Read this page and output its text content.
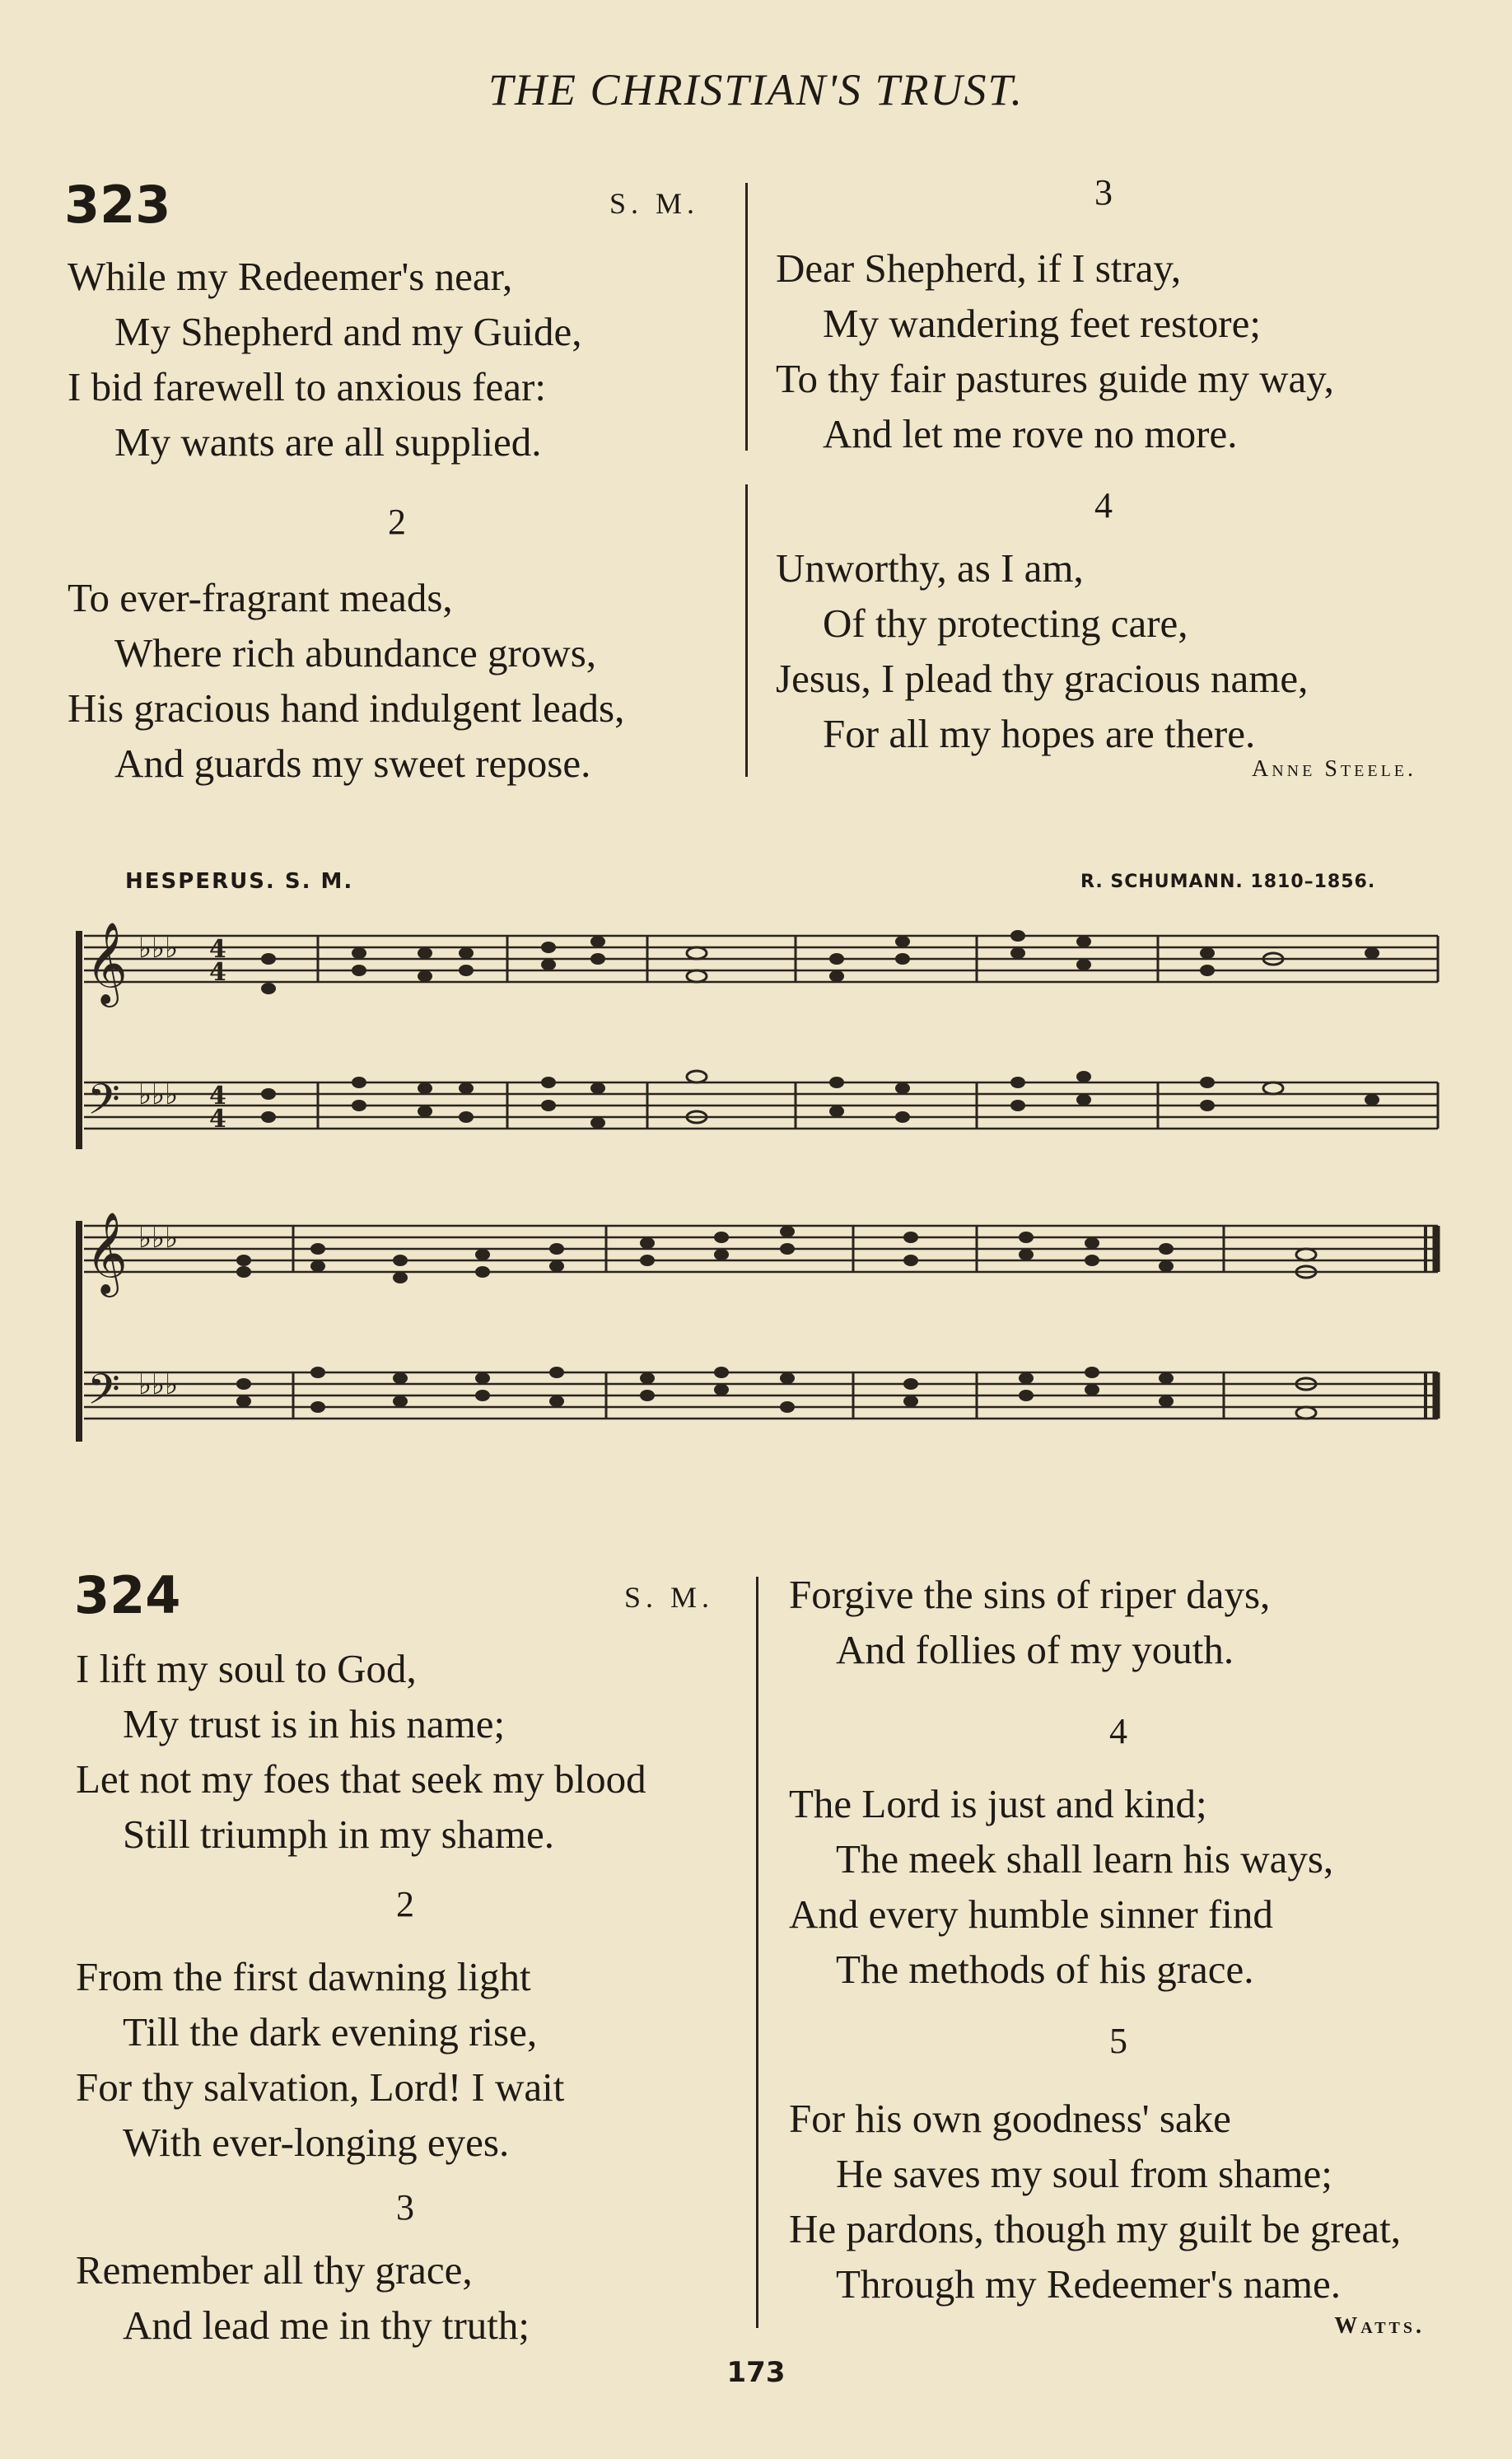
THE CHRISTIAN'S TRUST.
323	S. M.
While my Redeemer's near,
My Shepherd and my Guide,
I bid farewell to anxious fear:
My wants are all supplied.
2
To ever-fragrant meads,
Where rich abundance grows,
His gracious hand indulgent leads,
And guards my sweet repose.
3
Dear Shepherd, if I stray,
My wandering feet restore;
To thy fair pastures guide my way,
And let me rove no more.
4
Unworthy, as I am,
Of thy protecting care,
Jesus, I plead thy gracious name,
For all my hopes are there.
Anne Steele.
HESPERUS. S. M.	R. SCHUMANN. 1810–1856.
𝄞
𝄢
♭♭♭
♭♭♭
4
4
4
4
𝄞
𝄢
♭♭♭
♭♭♭
324	S. M.
I lift my soul to God,
My trust is in his name;
Let not my foes that seek my blood
Still triumph in my shame.
2
From the first dawning light
Till the dark evening rise,
For thy salvation, Lord! I wait
With ever-longing eyes.
3
Remember all thy grace,
And lead me in thy truth;
Forgive the sins of riper days,
And follies of my youth.
4
The Lord is just and kind;
The meek shall learn his ways,
And every humble sinner find
The methods of his grace.
5
For his own goodness' sake
He saves my soul from shame;
He pardons, though my guilt be great,
Through my Redeemer's name.
Watts.
173
